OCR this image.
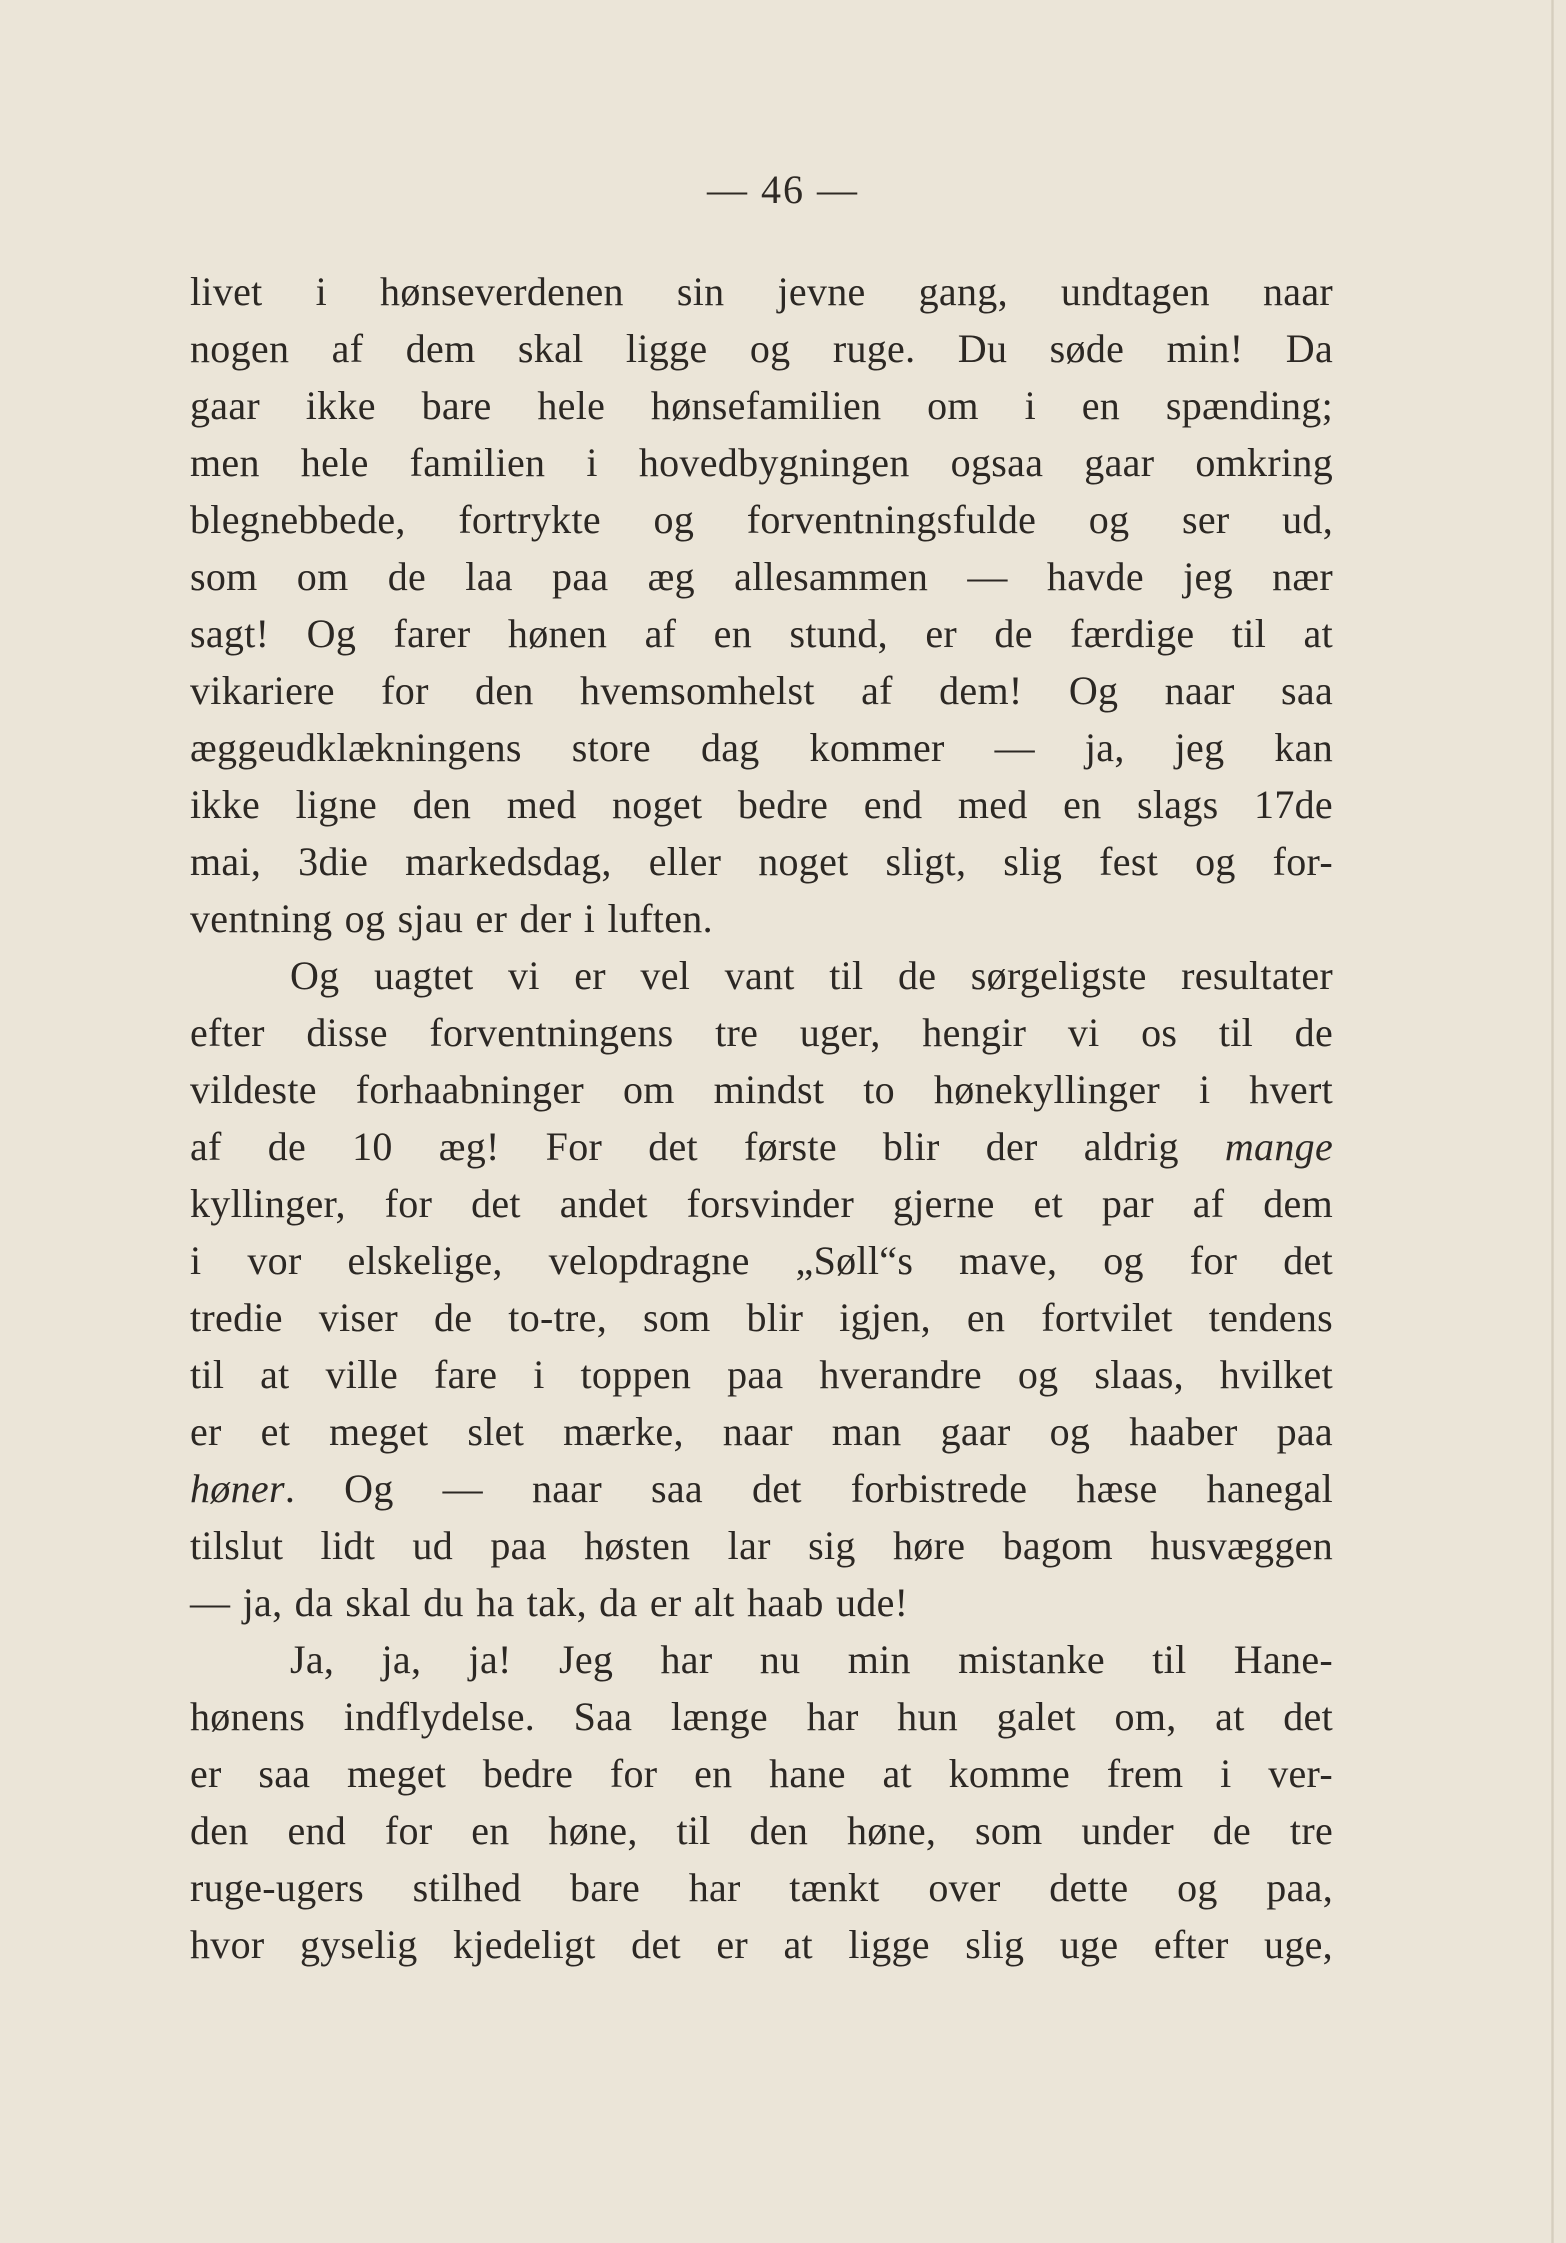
— 46 —
livet i hønseverdenen sin jevne gang, undtagen naar
nogen af dem skal ligge og ruge. Du søde min! Da
gaar ikke bare hele hønsefamilien om i en spænding;
men hele familien i hovedbygningen ogsaa gaar omkring
blegnebbede, fortrykte og forventningsfulde og ser ud,
som om de laa paa æg allesammen — havde jeg nær
sagt! Og farer hønen af en stund, er de færdige til at
vikariere for den hvemsomhelst af dem! Og naar saa
æggeudklækningens store dag kommer — ja, jeg kan
ikke ligne den med noget bedre end med en slags 17de
mai, 3die markedsdag, eller noget sligt, slig fest og for-
ventning og sjau er der i luften.
Og uagtet vi er vel vant til de sørgeligste resultater
efter disse forventningens tre uger, hengir vi os til de
vildeste forhaabninger om mindst to hønekyllinger i hvert
af de 10 æg! For det første blir der aldrig mange
kyllinger, for det andet forsvinder gjerne et par af dem
i vor elskelige, velopdragne „Søll“s mave, og for det
tredie viser de to-tre, som blir igjen, en fortvilet tendens
til at ville fare i toppen paa hverandre og slaas, hvilket
er et meget slet mærke, naar man gaar og haaber paa
høner. Og — naar saa det forbistrede hæse hanegal
tilslut lidt ud paa høsten lar sig høre bagom husvæggen
— ja, da skal du ha tak, da er alt haab ude!
Ja, ja, ja! Jeg har nu min mistanke til Hane-
hønens indflydelse. Saa længe har hun galet om, at det
er saa meget bedre for en hane at komme frem i ver-
den end for en høne, til den høne, som under de tre
ruge-ugers stilhed bare har tænkt over dette og paa,
hvor gyselig kjedeligt det er at ligge slig uge efter uge,
